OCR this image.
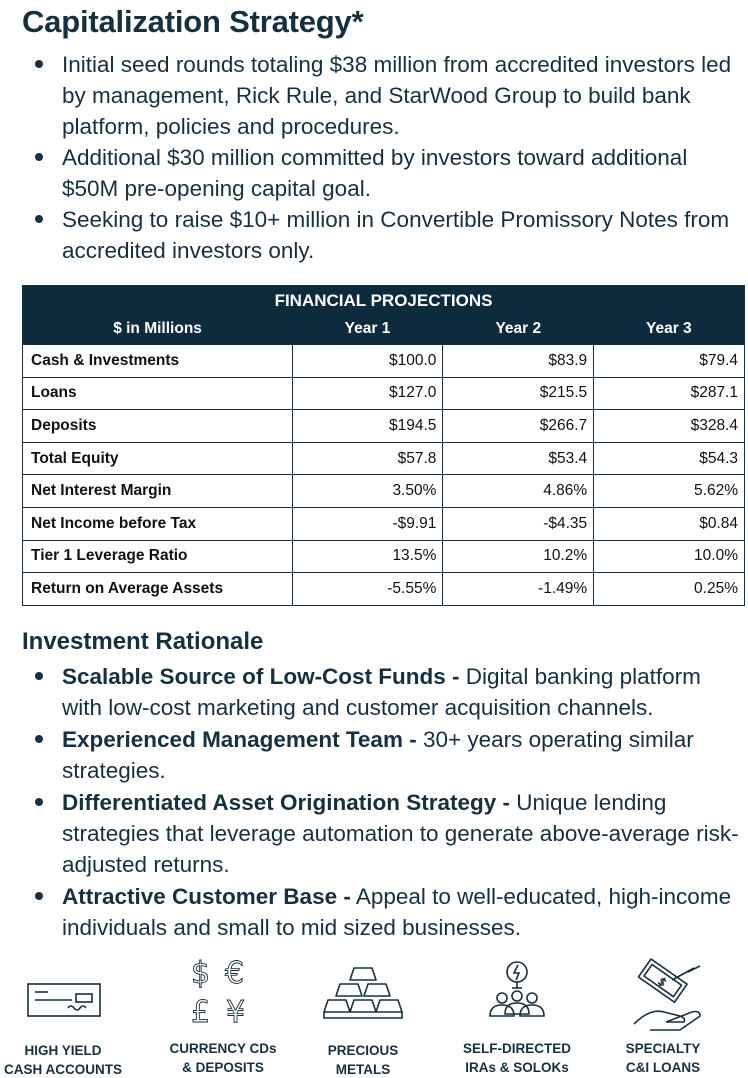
Capitalization Strategy*
Initial seed rounds totaling $38 million from accredited investors led by management, Rick Rule, and StarWood Group to build bank platform, policies and procedures.
Additional $30 million committed by investors toward additional $50M pre-opening capital goal.
Seeking to raise $10+ million in Convertible Promissory Notes from accredited investors only.
FINANCIAL PROJECTIONS			
$ in Millions	Year 1	Year 2	Year 3
Cash & Investments	$100.0	$83.9	$79.4
Loans	$127.0	$215.5	$287.1
Deposits	$194.5	$266.7	$328.4
Total Equity	$57.8	$53.4	$54.3
Net Interest Margin	3.50%	4.86%	5.62%
Net Income before Tax	-$9.91	-$4.35	$0.84
Tier 1 Leverage Ratio	13.5%	10.2%	10.0%
Return on Average Assets	-5.55%	-1.49%	0.25%
Investment Rationale
Scalable Source of Low-Cost Funds - Digital banking platform with low-cost marketing and customer acquisition channels.
Experienced Management Team - 30+ years operating similar strategies.
Differentiated Asset Origination Strategy - Unique lending strategies that leverage automation to generate above-average risk-adjusted returns.
Attractive Customer Base - Appeal to well-educated, high-income individuals and small to mid sized businesses.
HIGH YIELD
CASH ACCOUNTS
$ €
£ ¥
CURRENCY CDs
& DEPOSITS
PRECIOUS
METALS
SELF-DIRECTED
IRAs & SOLOKs
$
SPECIALTY
C&I LOANS
